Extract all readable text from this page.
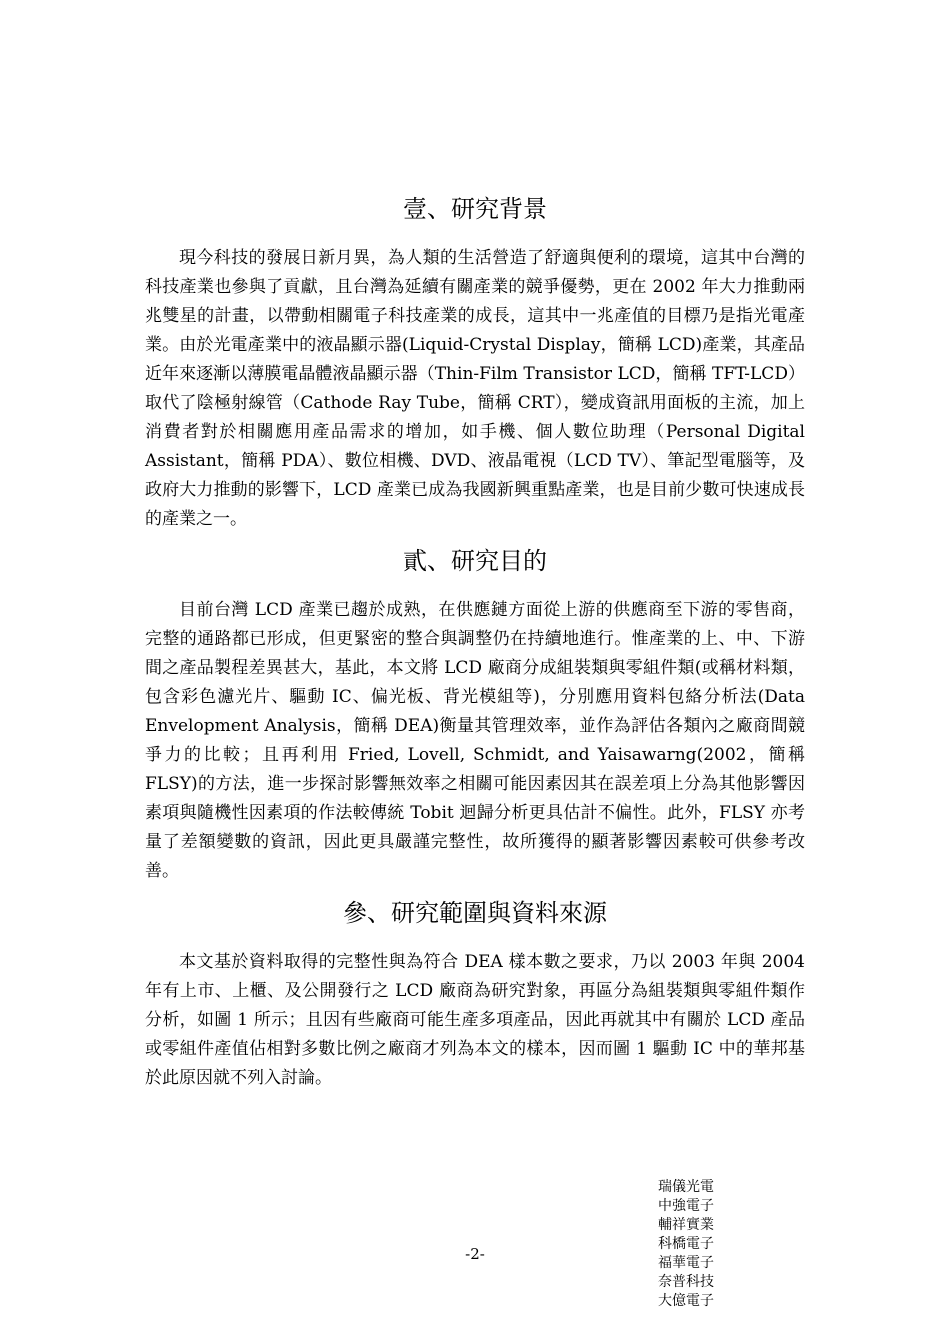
壹、研究背景

現今科技的發展日新月異，為人類的生活營造了舒適與便利的環境，這其中台灣的科技產業也參與了貢獻，且台灣為延續有關產業的競爭優勢，更在 2002 年大力推動兩兆雙星的計畫，以帶動相關電子科技產業的成長，這其中一兆產值的目標乃是指光電產業。由於光電產業中的液晶顯示器(Liquid-Crystal Display，簡稱 LCD)產業，其產品近年來逐漸以薄膜電晶體液晶顯示器（Thin-Film Transistor LCD，簡稱 TFT-LCD）取代了陰極射線管（Cathode Ray Tube，簡稱 CRT），變成資訊用面板的主流，加上消費者對於相關應用產品需求的增加，如手機、個人數位助理（Personal Digital Assistant，簡稱 PDA）、數位相機、DVD、液晶電視（LCD TV）、筆記型電腦等，及政府大力推動的影響下，LCD 產業已成為我國新興重點產業，也是目前少數可快速成長的產業之一。

貳、研究目的

目前台灣 LCD 產業已趨於成熟，在供應鏈方面從上游的供應商至下游的零售商，完整的通路都已形成，但更緊密的整合與調整仍在持續地進行。惟產業的上、中、下游間之產品製程差異甚大，基此，本文將 LCD 廠商分成組裝類與零組件類(或稱材料類，包含彩色濾光片、驅動 IC、偏光板、背光模組等)，分別應用資料包絡分析法(Data Envelopment Analysis，簡稱 DEA)衡量其管理效率，並作為評估各類內之廠商間競爭力的比較；且再利用 Fried, Lovell, Schmidt, and Yaisawarng(2002，簡稱 FLSY)的方法，進一步探討影響無效率之相關可能因素因其在誤差項上分為其他影響因素項與隨機性因素項的作法較傳統 Tobit 迴歸分析更具估計不偏性。此外，FLSY 亦考量了差額變數的資訊，因此更具嚴謹完整性，故所獲得的顯著影響因素較可供參考改善。

參、研究範圍與資料來源

本文基於資料取得的完整性與為符合 DEA 樣本數之要求，乃以 2003 年與 2004 年有上市、上櫃、及公開發行之 LCD 廠商為研究對象，再區分為組裝類與零組件類作分析，如圖 1 所示；且因有些廠商可能生產多項產品，因此再就其中有關於 LCD 產品或零組件產值佔相對多數比例之廠商才列為本文的樣本，因而圖 1 驅動 IC 中的華邦基於此原因就不列入討論。

-2-
瑞儀光電
中強電子
輔祥實業
科橋電子
福華電子
奈普科技
大億電子
